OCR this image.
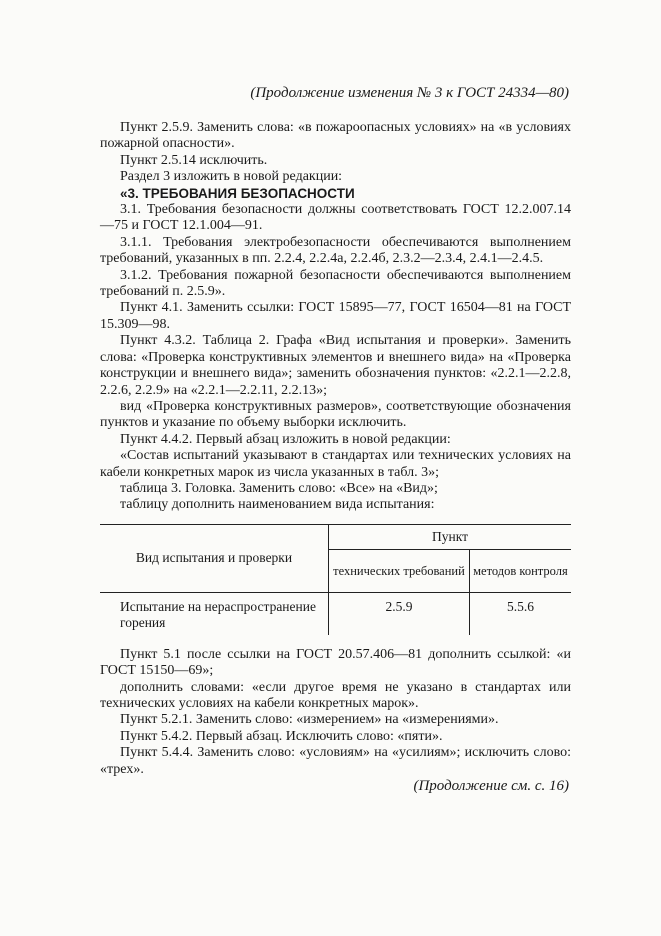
(Продолжение изменения № 3 к ГОСТ 24334—80)

Пункт 2.5.9. Заменить слова: «в пожароопасных условиях» на «в условиях пожарной опасности».

Пункт 2.5.14 исключить.

Раздел 3 изложить в новой редакции:

«3. ТРЕБОВАНИЯ БЕЗОПАСНОСТИ

3.1. Требования безопасности должны соответствовать ГОСТ 12.2.007.14—75 и ГОСТ 12.1.004—91.

3.1.1. Требования электробезопасности обеспечиваются выполнением требований, указанных в пп. 2.2.4, 2.2.4а, 2.2.4б, 2.3.2—2.3.4, 2.4.1—2.4.5.

3.1.2. Требования пожарной безопасности обеспечиваются выполнением требований п. 2.5.9».

Пункт 4.1. Заменить ссылки: ГОСТ 15895—77, ГОСТ 16504—81 на ГОСТ 15.309—98.

Пункт 4.3.2. Таблица 2. Графа «Вид испытания и проверки». Заменить слова: «Проверка конструктивных элементов и внешнего вида» на «Проверка конструкции и внешнего вида»; заменить обозначения пунктов: «2.2.1—2.2.8, 2.2.6, 2.2.9» на «2.2.1—2.2.11, 2.2.13»;

вид «Проверка конструктивных размеров», соответствующие обозначения пунктов и указание по объему выборки исключить.

Пункт 4.4.2. Первый абзац изложить в новой редакции:

«Состав испытаний указывают в стандартах или технических условиях на кабели конкретных марок из числа указанных в табл. 3»;

таблица 3. Головка. Заменить слово: «Все» на «Вид»;

таблицу дополнить наименованием вида испытания:

Вид испытания и проверки	Пункт	
	технических требований	методов контроля
Испытание на нераспространение горения	2.5.9	5.5.6

Пункт 5.1 после ссылки на ГОСТ 20.57.406—81 дополнить ссылкой: «и ГОСТ 15150—69»;

дополнить словами: «если другое время не указано в стандартах или технических условиях на кабели конкретных марок».

Пункт 5.2.1. Заменить слово: «измерением» на «измерениями».

Пункт 5.4.2. Первый абзац. Исключить слово: «пяти».

Пункт 5.4.4. Заменить слово: «условиям» на «усилиям»; исключить слово: «трех».

(Продолжение см. с. 16)
